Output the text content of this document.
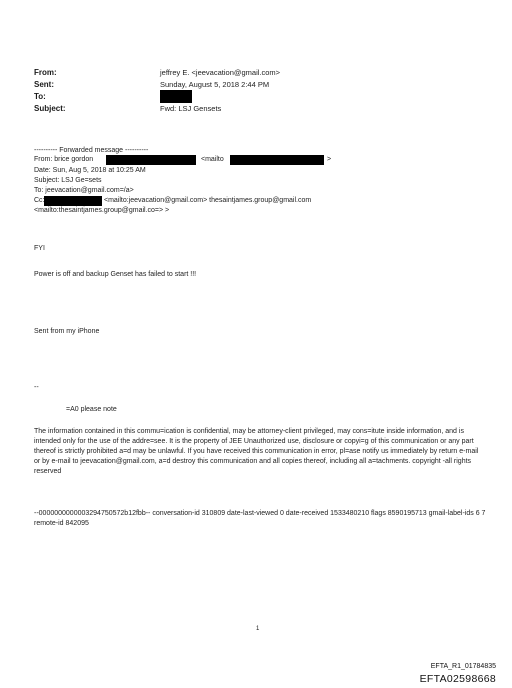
From:	jeffrey E. <jeevacation@gmail.com>
Sent:	Sunday, August 5, 2018 2:44 PM
To:
Subject:	Fwd: LSJ Gensets
---------- Forwarded message ----------
From: brice gordon	<mailto	>
Date: Sun, Aug 5, 2018 at 10:25 AM
Subject: LSJ Ge=sets
To: jeevacation@gmail.com=/a>
Cc:	<mailto:jeevacation@gmail.com> thesaintjames.group@gmail.com
<mailto:thesaintjames.group@gmail.co=> >
FYI
Power is off and backup Genset has failed to start !!!
Sent from my iPhone
--
=A0 please note
The information contained in this commu=ication is confidential, may be attorney-client privileged, may cons=itute inside information, and is intended only for the use of the addre=see. It is the property of JEE Unauthorized use, disclosure or copyi=g of this communication or any part thereof is strictly prohibited a=d may be unlawful. If you have received this communication in error, pl=ase notify us immediately by return e-mail or by e-mail to jeevacation@gmail.com, a=d destroy this communication and all copies thereof, including all a=tachments. copyright -all rights reserved
--0000000000003294750572b12fbb-- conversation-id 310809 date-last-viewed 0 date-received 1533480210 flags 8590195713 gmail-label-ids 6 7 remote-id 842095
1
EFTA_R1_01784835
EFTA02598668
